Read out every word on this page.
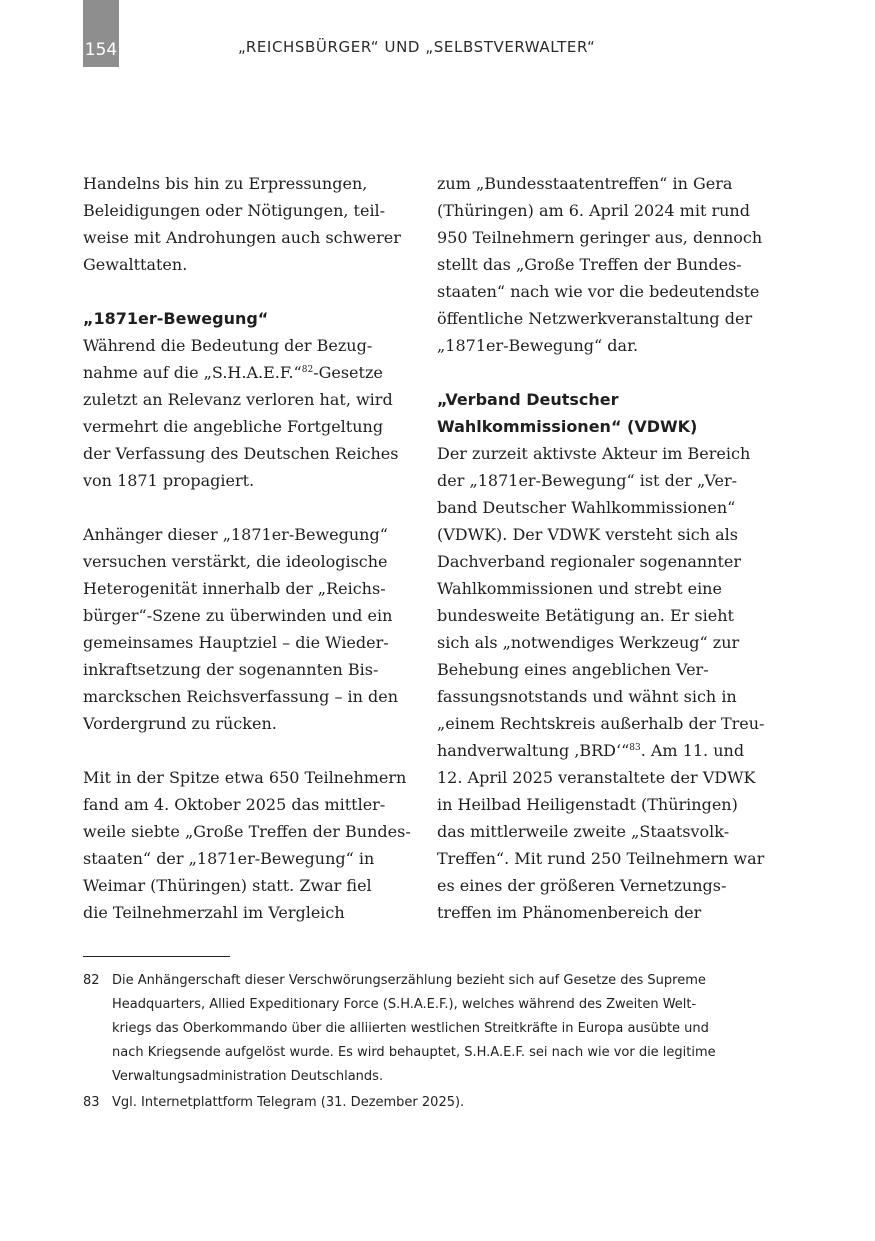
154	„REICHSBÜRGER“ UND „SELBSTVERWALTER“
Handelns bis hin zu Erpressungen,
Beleidigungen oder Nötigungen, teil-
weise mit Androhungen auch schwerer
Gewalttaten.
„1871er-Bewegung“
Während die Bedeutung der Bezug-
nahme auf die „S.H.A.E.F.“$^{82}$-Gesetze
zuletzt an Relevanz verloren hat, wird
vermehrt die angebliche Fortgeltung
der Verfassung des Deutschen Reiches
von 1871 propagiert.
Anhänger dieser „1871er-Bewegung“
versuchen verstärkt, die ideologische
Heterogenität innerhalb der „Reichs-
bürger“-Szene zu überwinden und ein
gemeinsames Hauptziel – die Wieder-
inkraftsetzung der sogenannten Bis-
marckschen Reichsverfassung – in den
Vordergrund zu rücken.
Mit in der Spitze etwa 650 Teilnehmern
fand am 4. Oktober 2025 das mittler-
weile siebte „Große Treffen der Bundes-
staaten“ der „1871er-Bewegung“ in
Weimar (Thüringen) statt. Zwar fiel
die Teilnehmerzahl im Vergleich
zum „Bundesstaatentreffen“ in Gera
(Thüringen) am 6. April 2024 mit rund
950 Teilnehmern geringer aus, dennoch
stellt das „Große Treffen der Bundes-
staaten“ nach wie vor die bedeutendste
öffentliche Netzwerkveranstaltung der
„1871er-Bewegung“ dar.
„Verband Deutscher
Wahlkommissionen“ (VDWK)
Der zurzeit aktivste Akteur im Bereich
der „1871er-Bewegung“ ist der „Ver-
band Deutscher Wahlkommissionen“
(VDWK). Der VDWK versteht sich als
Dachverband regionaler sogenannter
Wahlkommissionen und strebt eine
bundesweite Betätigung an. Er sieht
sich als „notwendiges Werkzeug“ zur
Behebung eines angeblichen Ver-
fassungsnotstands und wähnt sich in
„einem Rechtskreis außerhalb der Treu-
handverwaltung ‚BRD‘“$^{83}$. Am 11. und
12. April 2025 veranstaltete der VDWK
in Heilbad Heiligenstadt (Thüringen)
das mittlerweile zweite „Staatsvolk-
Treffen“. Mit rund 250 Teilnehmern war
es eines der größeren Vernetzungs-
treffen im Phänomenbereich der
82 Die Anhängerschaft dieser Verschwörungserzählung bezieht sich auf Gesetze des Supreme
Headquarters, Allied Expeditionary Force (S.H.A.E.F.), welches während des Zweiten Welt-
kriegs das Oberkommando über die alliierten westlichen Streitkräfte in Europa ausübte und
nach Kriegsende aufgelöst wurde. Es wird behauptet, S.H.A.E.F. sei nach wie vor die legitime
Verwaltungsadministration Deutschlands.
83 Vgl. Internetplattform Telegram (31. Dezember 2025).
